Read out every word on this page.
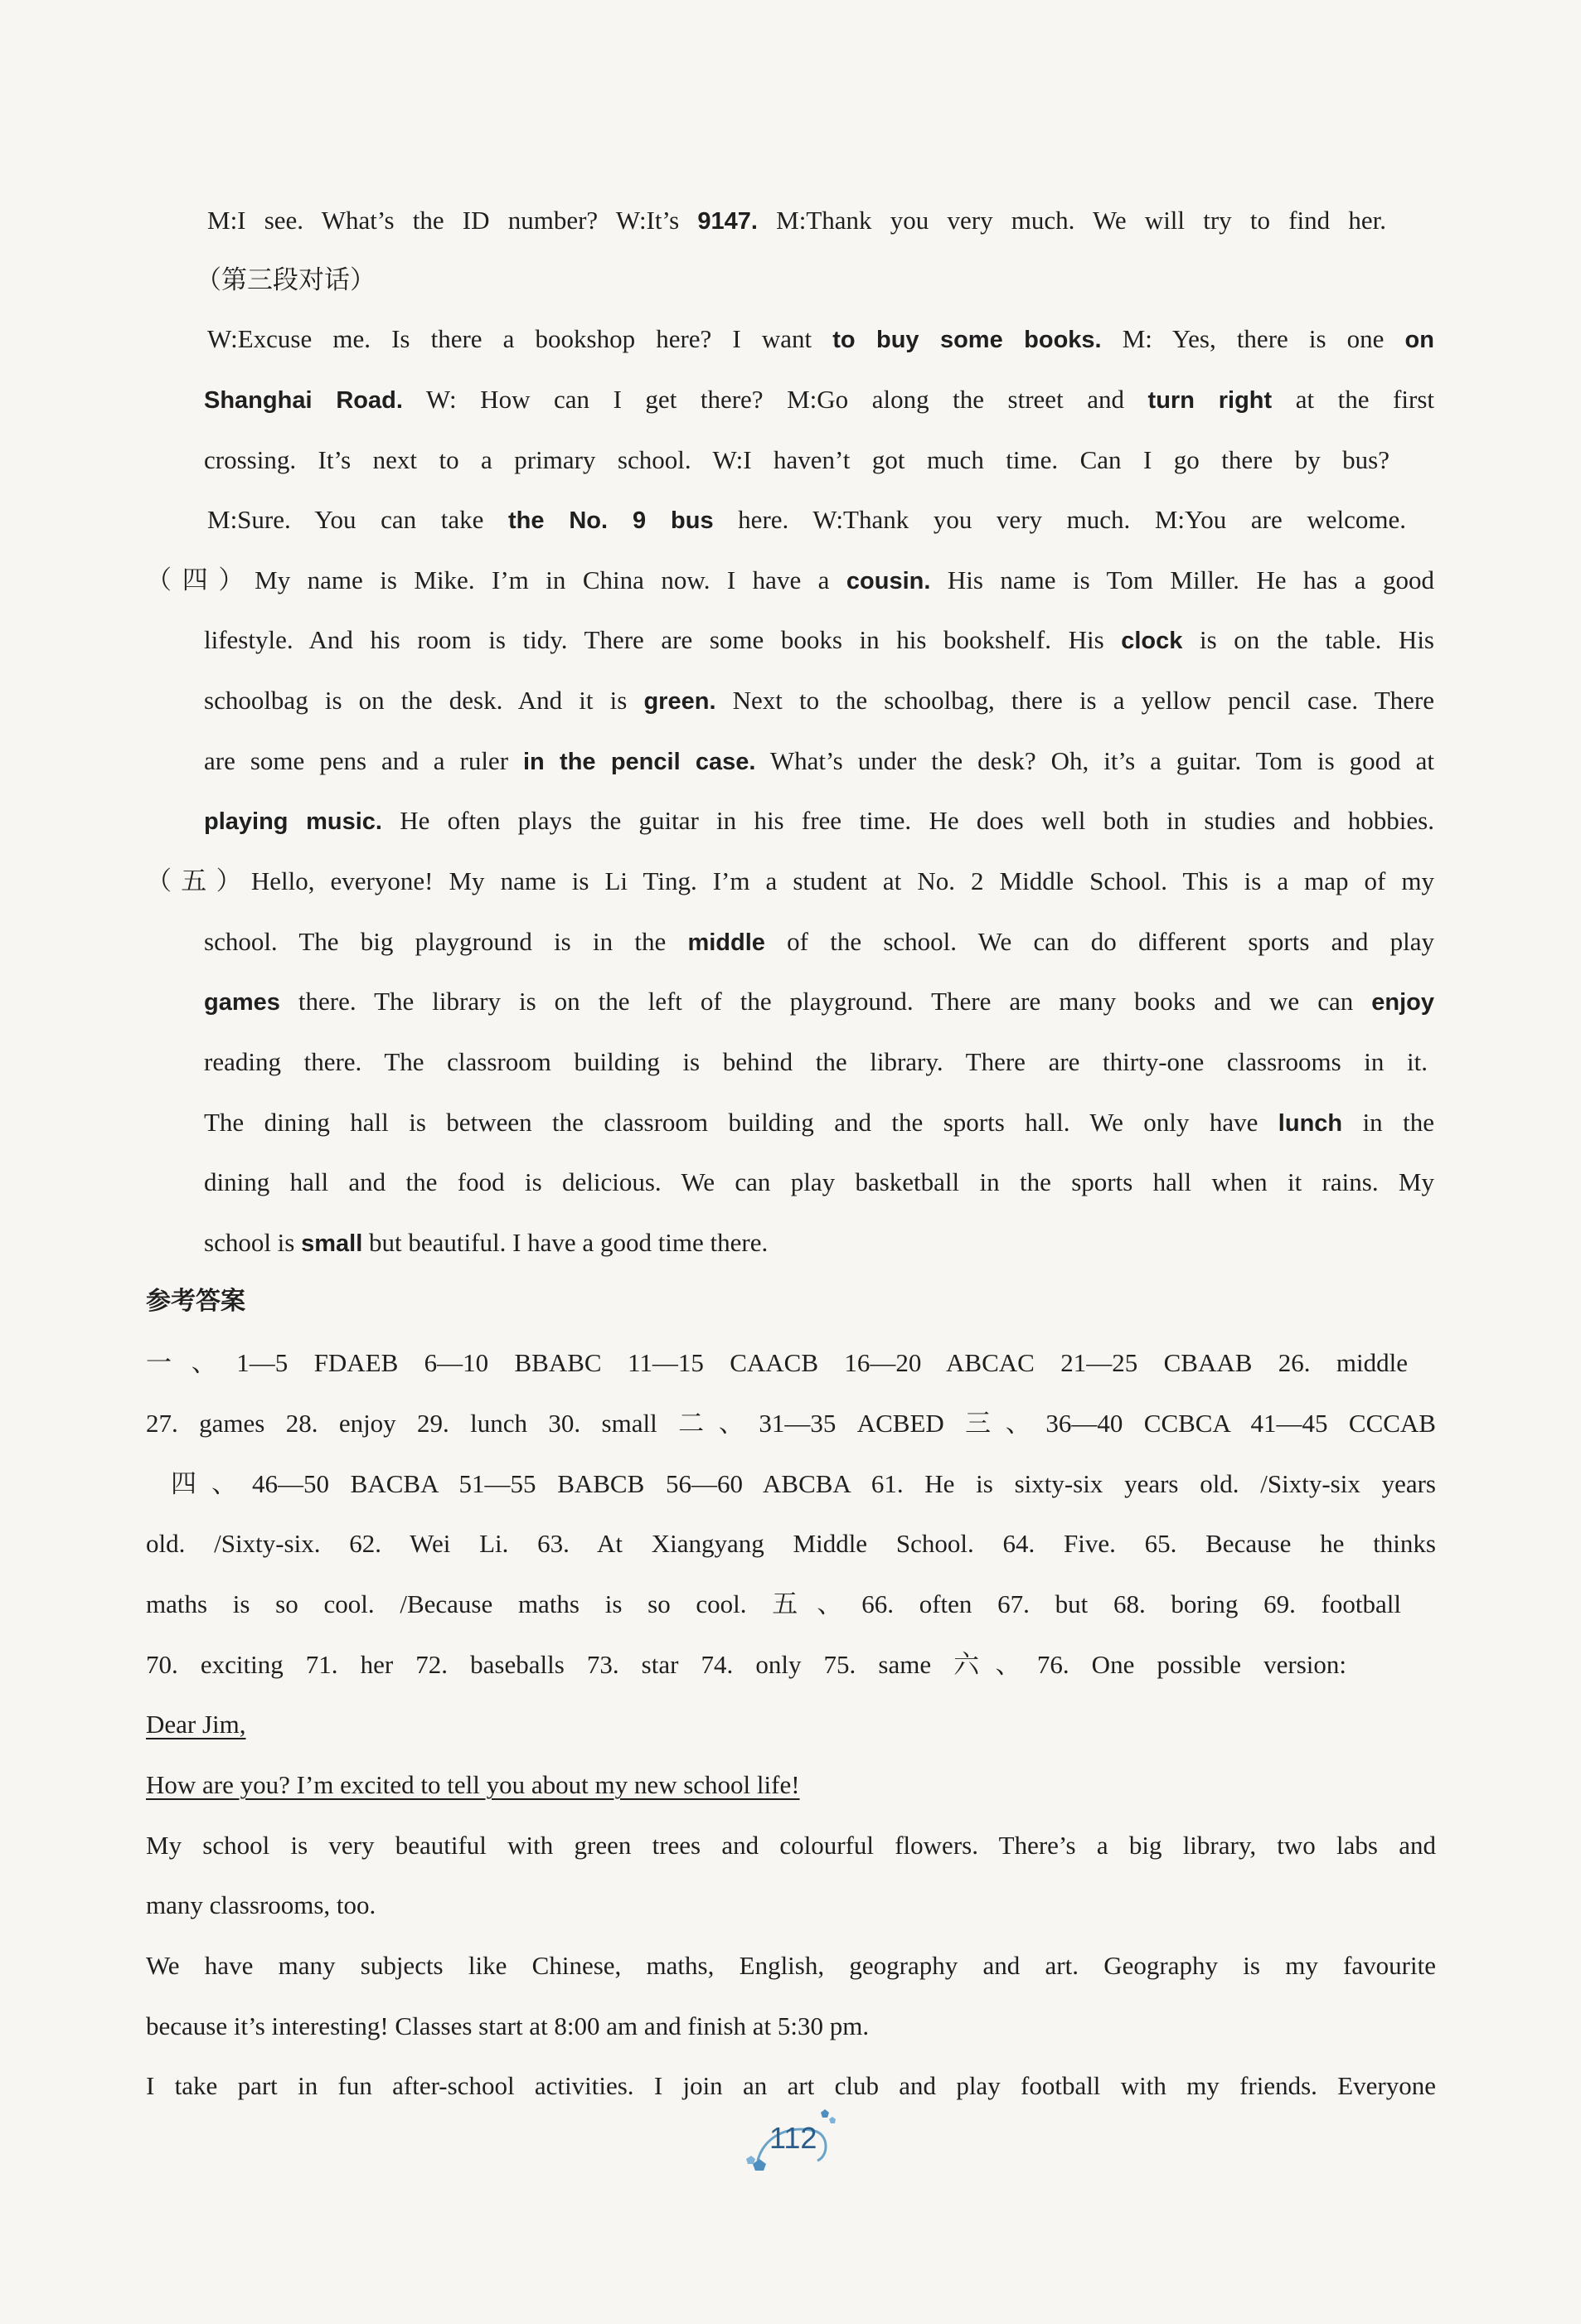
M:I see. What’s the ID number? W:It’s 9147. M:Thank you very much. We will try to find her.
（第三段对话）
W:Excuse me. Is there a bookshop here? I want to buy some books. M: Yes, there is one on
Shanghai Road. W: How can I get there? M:Go along the street and turn right at the first
crossing. It’s next to a primary school. W:I haven’t got much time. Can I go there by bus?
M:Sure. You can take the No. 9 bus here. W:Thank you very much. M:You are welcome.
（四）My name is Mike. I’m in China now. I have a cousin. His name is Tom Miller. He has a good
lifestyle. And his room is tidy. There are some books in his bookshelf. His clock is on the table. His
schoolbag is on the desk. And it is green. Next to the schoolbag, there is a yellow pencil case. There
are some pens and a ruler in the pencil case. What’s under the desk? Oh, it’s a guitar. Tom is good at
playing music. He often plays the guitar in his free time. He does well both in studies and hobbies.
（五）Hello, everyone! My name is Li Ting. I’m a student at No. 2 Middle School. This is a map of my
school. The big playground is in the middle of the school. We can do different sports and play
games there. The library is on the left of the playground. There are many books and we can enjoy
reading there. The classroom building is behind the library. There are thirty-one classrooms in it.
The dining hall is between the classroom building and the sports hall. We only have lunch in the
dining hall and the food is delicious. We can play basketball in the sports hall when it rains. My
school is small but beautiful. I have a good time there.
参考答案
一、1—5 FDAEB 6—10 BBABC 11—15 CAACB 16—20 ABCAC 21—25 CBAAB 26. middle
27. games 28. enjoy 29. lunch 30. small 二、31—35 ACBED 三、36—40 CCBCA 41—45 CCCAB
四、46—50 BACBA 51—55 BABCB 56—60 ABCBA 61. He is sixty-six years old. /Sixty-six years
old. /Sixty-six. 62. Wei Li. 63. At Xiangyang Middle School. 64. Five. 65. Because he thinks
maths is so cool. /Because maths is so cool. 五、66. often 67. but 68. boring 69. football
70. exciting 71. her 72. baseballs 73. star 74. only 75. same 六、76. One possible version:
Dear Jim,
How are you? I’m excited to tell you about my new school life!
My school is very beautiful with green trees and colourful flowers. There’s a big library, two labs and
many classrooms, too.
We have many subjects like Chinese, maths, English, geography and art. Geography is my favourite
because it’s interesting! Classes start at 8:00 am and finish at 5:30 pm.
I take part in fun after-school activities. I join an art club and play football with my friends. Everyone
112
